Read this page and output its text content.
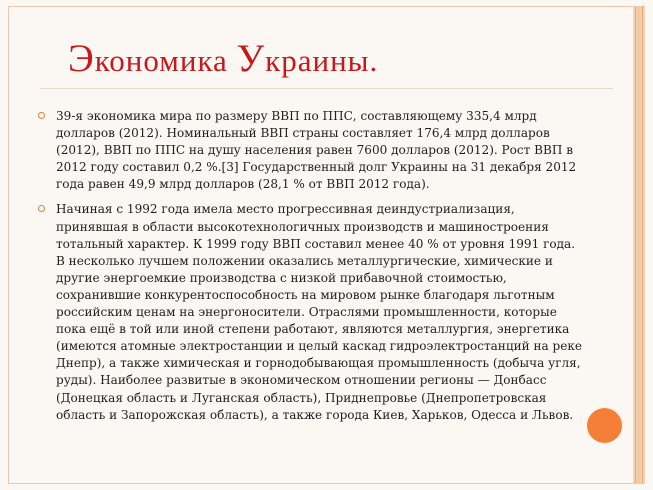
Экономика Украины.
39-я экономика мира по размеру ВВП по ППС, составляющему 335,4 млрд долларов (2012). Номинальный ВВП страны составляет 176,4 млрд долларов (2012), ВВП по ППС на душу населения равен 7600 долларов (2012). Рост ВВП в 2012 году составил 0,2 %.[3] Государственный долг Украины на 31 декабря 2012 года равен 49,9 млрд долларов (28,1 % от ВВП 2012 года).
Начиная с 1992 года имела место прогрессивная деиндустриализация, принявшая в области высокотехнологичных производств и машиностроения тотальный характер. К 1999 году ВВП составил менее 40 % от уровня 1991 года. В несколько лучшем положении оказались металлургические, химические и другие энергоемкие производства с низкой прибавочной стоимостью, сохранившие конкурентоспособность на мировом рынке благодаря льготным российским ценам на энергоносители. Отраслями промышленности, которые пока ещё в той или иной степени работают, являются металлургия, энергетика (имеются атомные электростанции и целый каскад гидроэлектростанций на реке Днепр), а также химическая и горнодобывающая промышленность (добыча угля, руды). Наиболее развитые в экономическом отношении регионы — Донбасс (Донецкая область и Луганская область), Приднепровье (Днепропетровская область и Запорожская область), а также города Киев, Харьков, Одесса и Львов.
